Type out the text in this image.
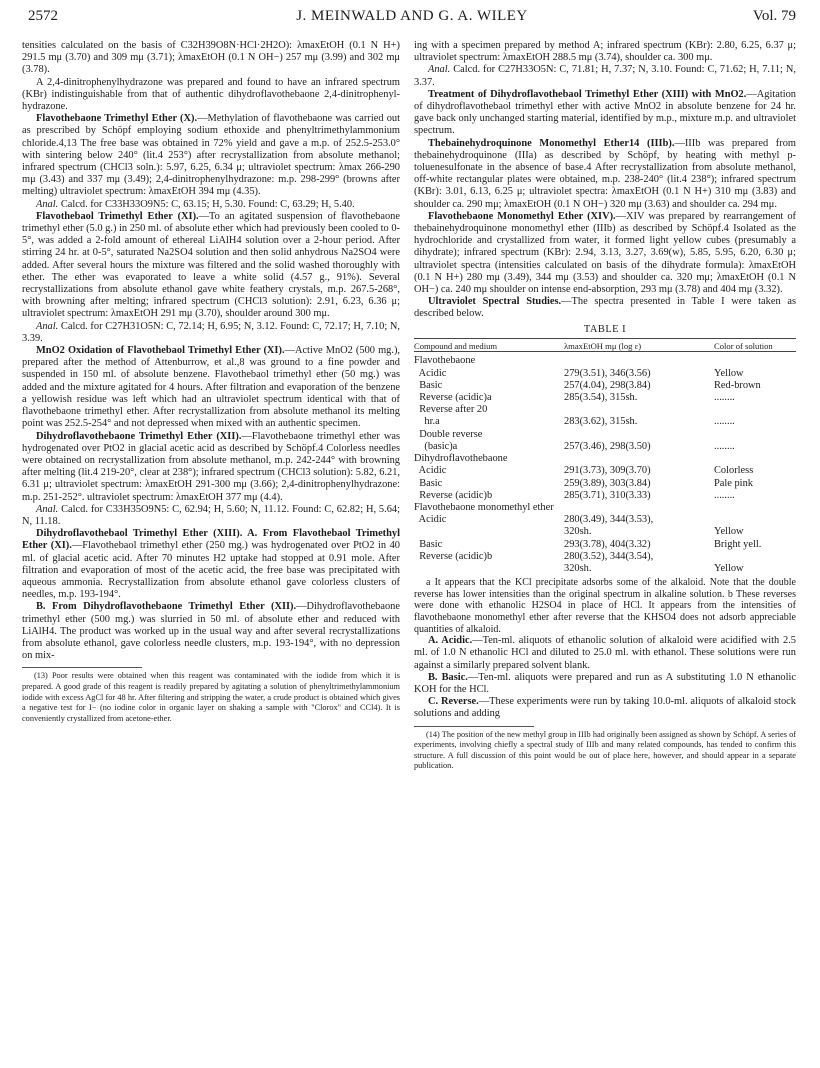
2572	J. MEINWALD AND G. A. WILEY	Vol. 79

tensities calculated on the basis of C32H39O8N·HCl·2H2O): λmaxEtOH (0.1 N H+) 291.5 mμ (3.70) and 309 mμ (3.71); λmaxEtOH (0.1 N OH−) 257 mμ (3.99) and 302 mμ (3.78).

A 2,4-dinitrophenylhydrazone was prepared and found to have an infrared spectrum (KBr) indistinguishable from that of authentic dihydroflavothebaone 2,4-dinitrophenyl-hydrazone.

Flavothebaone Trimethyl Ether (X).—Methylation of flavothebaone was carried out as prescribed by Schöpf employing sodium ethoxide and phenyltrimethylammonium chloride.4,13 The free base was obtained in 72% yield and gave a m.p. of 252.5-253.0° with sintering below 240° (lit.4 253°) after recrystallization from absolute methanol; infrared spectrum (CHCl3 soln.): 5.97, 6.25, 6.34 μ; ultraviolet spectrum: λmax 266-290 mμ (3.43) and 337 mμ (3.49); 2,4-dinitrophenylhydrazone: m.p. 298-299° (browns after melting) ultraviolet spectrum: λmaxEtOH 394 mμ (4.35).

Anal. Calcd. for C33H33O9N5: C, 63.15; H, 5.30. Found: C, 63.29; H, 5.40.

Flavothebaol Trimethyl Ether (XI).—To an agitated suspension of flavothebaone trimethyl ether (5.0 g.) in 250 ml. of absolute ether which had previously been cooled to 0-5°, was added a 2-fold amount of ethereal LiAlH4 solution over a 2-hour period. After stirring 24 hr. at 0-5°, saturated Na2SO4 solution and then solid anhydrous Na2SO4 were added. After several hours the mixture was filtered and the solid washed thoroughly with ether. The ether was evaporated to leave a white solid (4.57 g., 91%). Several recrystallizations from absolute ethanol gave white feathery crystals, m.p. 267.5-268°, with browning after melting; infrared spectrum (CHCl3 solution): 2.91, 6.23, 6.36 μ; ultraviolet spectrum: λmaxEtOH 291 mμ (3.70), shoulder around 300 mμ.

Anal. Calcd. for C27H31O5N: C, 72.14; H, 6.95; N, 3.12. Found: C, 72.17; H, 7.10; N, 3.39.

MnO2 Oxidation of Flavothebaol Trimethyl Ether (XI).—Active MnO2 (500 mg.), prepared after the method of Attenburrow, et al.,8 was ground to a fine powder and suspended in 150 ml. of absolute benzene. Flavothebaol trimethyl ether (50 mg.) was added and the mixture agitated for 4 hours. After filtration and evaporation of the benzene a yellowish residue was left which had an ultraviolet spectrum identical with that of flavothebaone trimethyl ether. After recrystallization from absolute methanol its melting point was 252.5-254° and not depressed when mixed with an authentic specimen.

Dihydroflavothebaone Trimethyl Ether (XII).—Flavothebaone trimethyl ether was hydrogenated over PtO2 in glacial acetic acid as described by Schöpf.4 Colorless needles were obtained on recrystallization from absolute methanol, m.p. 242-244° with browning after melting (lit.4 219-20°, clear at 238°); infrared spectrum (CHCl3 solution): 5.82, 6.21, 6.31 μ; ultraviolet spectrum: λmaxEtOH 291-300 mμ (3.66); 2,4-dinitrophenylhydrazone: m.p. 251-252°. ultraviolet spectrum: λmaxEtOH 377 mμ (4.4).

Anal. Calcd. for C33H35O9N5: C, 62.94; H, 5.60; N, 11.12. Found: C, 62.82; H, 5.64; N, 11.18.

Dihydroflavothebaol Trimethyl Ether (XIII). A. From Flavothebaol Trimethyl Ether (XI).—Flavothebaol trimethyl ether (250 mg.) was hydrogenated over PtO2 in 40 ml. of glacial acetic acid. After 70 minutes H2 uptake had stopped at 0.91 mole. After filtration and evaporation of most of the acetic acid, the free base was precipitated with aqueous ammonia. Recrystallization from absolute ethanol gave colorless clusters of needles, m.p. 193-194°.

B. From Dihydroflavothebaone Trimethyl Ether (XII).—Dihydroflavothebaone trimethyl ether (500 mg.) was slurried in 50 ml. of absolute ether and reduced with LiAlH4. The product was worked up in the usual way and after several recrystallizations from absolute ethanol, gave colorless needle clusters, m.p. 193-194°, with no depression on mix-

(13) Poor results were obtained when this reagent was contaminated with the iodide from which it is prepared. A good grade of this reagent is readily prepared by agitating a solution of phenyltrimethylammonium iodide with excess AgCl for 48 hr. After filtering and stripping the water, a crude product is obtained which gives a negative test for I− (no iodine color in organic layer on shaking a sample with "Clorox" and CCl4). It is conveniently crystallized from acetone-ether.

ing with a specimen prepared by method A; infrared spectrum (KBr): 2.80, 6.25, 6.37 μ; ultraviolet spectrum: λmaxEtOH 288.5 mμ (3.74), shoulder ca. 300 mμ.

Anal. Calcd. for C27H33O5N: C, 71.81; H, 7.37; N, 3.10. Found: C, 71.62; H, 7.11; N, 3.37.

Treatment of Dihydroflavothebaol Trimethyl Ether (XIII) with MnO2.—Agitation of dihydroflavothebaol trimethyl ether with active MnO2 in absolute benzene for 24 hr. gave back only unchanged starting material, identified by m.p., mixture m.p. and ultraviolet spectrum.

Thebainehydroquinone Monomethyl Ether14 (IIIb).—IIIb was prepared from thebainehydroquinone (IIIa) as described by Schöpf, by heating with methyl p-toluenesulfonate in the absence of base.4 After recrystallization from absolute methanol, off-white rectangular plates were obtained, m.p. 238-240° (lit.4 238°); infrared spectrum (KBr): 3.01, 6.13, 6.25 μ; ultraviolet spectra: λmaxEtOH (0.1 N H+) 310 mμ (3.83) and shoulder ca. 290 mμ; λmaxEtOH (0.1 N OH−) 320 mμ (3.63) and shoulder ca. 294 mμ.

Flavothebaone Monomethyl Ether (XIV).—XIV was prepared by rearrangement of thebainehydroquinone monomethyl ether (IIIb) as described by Schöpf.4 Isolated as the hydrochloride and crystallized from water, it formed light yellow cubes (presumably a dihydrate); infrared spectrum (KBr): 2.94, 3.13, 3.27, 3.69(w), 5.85, 5.95, 6.20, 6.30 μ; ultraviolet spectra (intensities calculated on basis of the dihydrate formula): λmaxEtOH (0.1 N H+) 280 mμ (3.49), 344 mμ (3.53) and shoulder ca. 320 mμ; λmaxEtOH (0.1 N OH−) ca. 240 mμ shoulder on intense end-absorption, 293 mμ (3.78) and 404 mμ (3.32).

Ultraviolet Spectral Studies.—The spectra presented in Table I were taken as described below.

TABLE I

Compound and medium	λmaxEtOH mμ (log ε)	Color of solution

Flavothebaone		
Acidic	279(3.51), 346(3.56)	Yellow
Basic	257(4.04), 298(3.84)	Red-brown
Reverse (acidic)a	285(3.54), 315sh.	........
Reverse after 20		
hr.a	283(3.62), 315sh.	........
Double reverse		
(basic)a	257(3.46), 298(3.50)	........
Dihydroflavothebaone		
Acidic	291(3.73), 309(3.70)	Colorless
Basic	259(3.89), 303(3.84)	Pale pink
Reverse (acidic)b	285(3.71), 310(3.33)	........
Flavothebaone monomethyl ether		
Acidic	280(3.49), 344(3.53),	
	320sh.	Yellow
Basic	293(3.78), 404(3.32)	Bright yell.
Reverse (acidic)b	280(3.52), 344(3.54),	
	320sh.	Yellow

a It appears that the KCl precipitate adsorbs some of the alkaloid. Note that the double reverse has lower intensities than the original spectrum in alkaline solution. b These reverses were done with ethanolic H2SO4 in place of HCl. It appears from the intensities of flavothebaone monomethyl ether after reverse that the KHSO4 does not adsorb appreciable quantities of alkaloid.

A. Acidic.—Ten-ml. aliquots of ethanolic solution of alkaloid were acidified with 2.5 ml. of 1.0 N ethanolic HCl and diluted to 25.0 ml. with ethanol. These solutions were run against a similarly prepared solvent blank.

B. Basic.—Ten-ml. aliquots were prepared and run as A substituting 1.0 N ethanolic KOH for the HCl.

C. Reverse.—These experiments were run by taking 10.0-ml. aliquots of alkaloid stock solutions and adding

(14) The position of the new methyl group in IIIb had originally been assigned as shown by Schöpf. A series of experiments, involving chiefly a spectral study of IIIb and many related compounds, has tended to confirm this structure. A full discussion of this point would be out of place here, however, and should appear in a separate publication.
